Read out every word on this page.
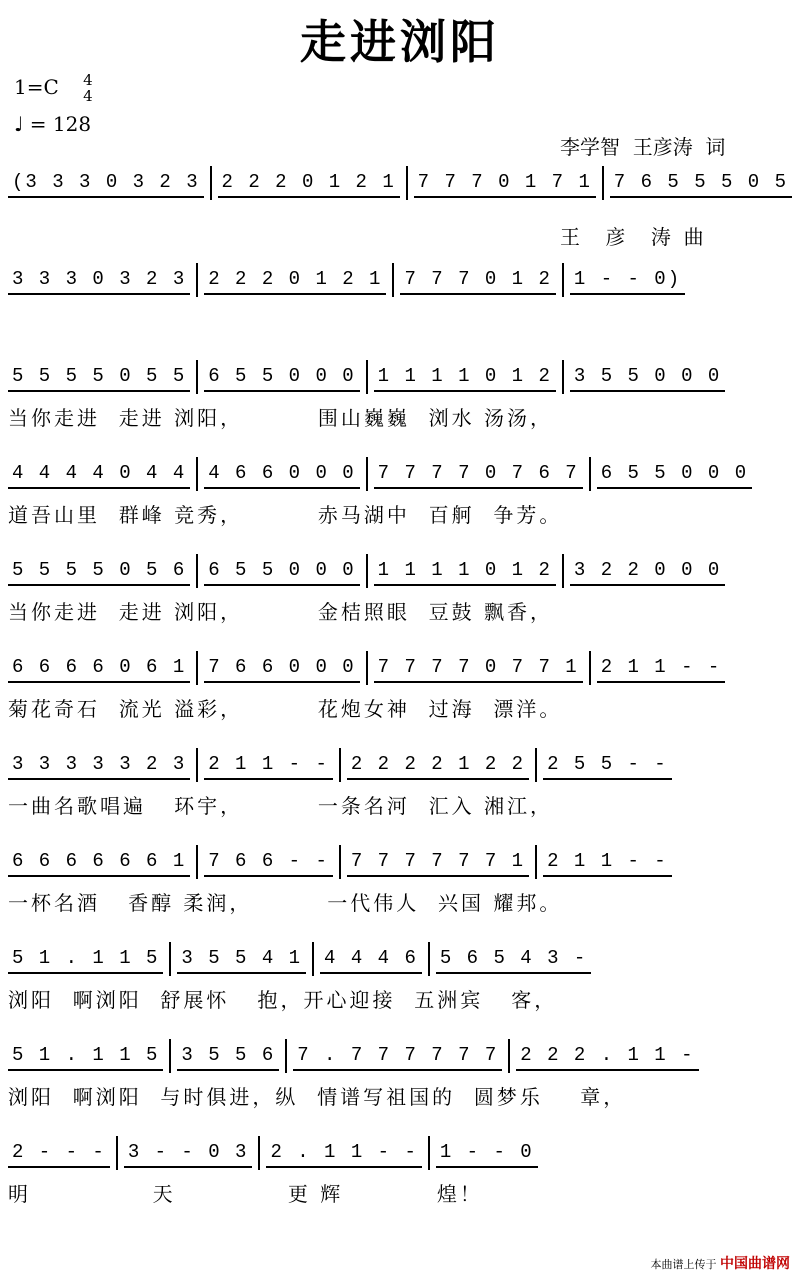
走进浏阳
1=C 4
4
♩ = 128

李学智  王彦涛  词

王    彦    涛  曲

(3 3 3 0 3 2 3 2 2 2 0 1 2 1 7 7 7 0 1 7 1 7 6 5 5 5 0 5
3 3 3 0 3 2 3 2 2 2 0 1 2 1 7 7 7 0 1 2 1 - - 0)
5 5 5 5 0 5 5 6 5 5 0 0 0 1 1 1 1 0 1 2 3 5 5 0 0 0
当你走进  走进 浏阳，        围山巍巍  浏水 汤汤，
4 4 4 4 0 4 4 4 6 6 0 0 0 7 7 7 7 0 7 6 7 6 5 5 0 0 0
道吾山里  群峰 竞秀，        赤马湖中  百舸  争芳。
5 5 5 5 0 5 6 6 5 5 0 0 0 1 1 1 1 0 1 2 3 2 2 0 0 0
当你走进  走进 浏阳，        金桔照眼  豆鼓 飘香，
6 6 6 6 0 6 1 7 6 6 0 0 0 7 7 7 7 0 7 7 1 2 1 1 - -
菊花奇石  流光 溢彩，        花炮女神  过海  漂洋。
3 3 3 3 3 2 3 2 1 1 - - 2 2 2 2 1 2 2 2 5 5 - -
一曲名歌唱遍   环宇，        一条名河  汇入 湘江，
6 6 6 6 6 6 1 7 6 6 - - 7 7 7 7 7 7 1 2 1 1 - -
一杯名酒   香醇 柔润，        一代伟人  兴国 耀邦。
5 1 . 1 1 5 3 5 5 4 1 4 4 4 6 5 6 5 4 3 -
浏阳  啊浏阳  舒展怀   抱，开心迎接  五洲宾   客，
5 1 . 1 1 5 3 5 5 6 7 . 7 7 7 7 7 7 2 2 2 . 1 1 -
浏阳  啊浏阳  与时俱进，纵  情谱写祖国的  圆梦乐    章，
2 - - - 3 - - 0 3 2 . 1 1 - - 1 - - 0
明             天            更 辉          煌！
本曲谱上传于 中国曲谱网
